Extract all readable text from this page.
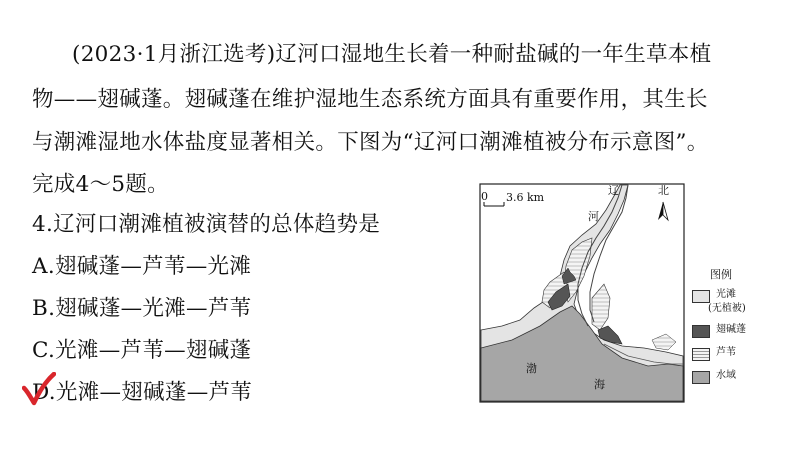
(2023·1月浙江选考)辽河口湿地生长着一种耐盐碱的一年生草本植
物——翅碱蓬。翅碱蓬在维护湿地生态系统方面具有重要作用，其生长
与潮滩湿地水体盐度显著相关。下图为“辽河口潮滩植被分布示意图”。
完成4～5题。
4.辽河口潮滩植被演替的总体趋势是
A.翅碱蓬—芦苇—光滩
B.翅碱蓬—光滩—芦苇
C.光滩—芦苇—翅碱蓬
D.光滩—翅碱蓬—芦苇
0 3.6 km
辽
河
渤
海
北
图例
光滩
(无植被)
翅碱蓬
芦苇
水域
